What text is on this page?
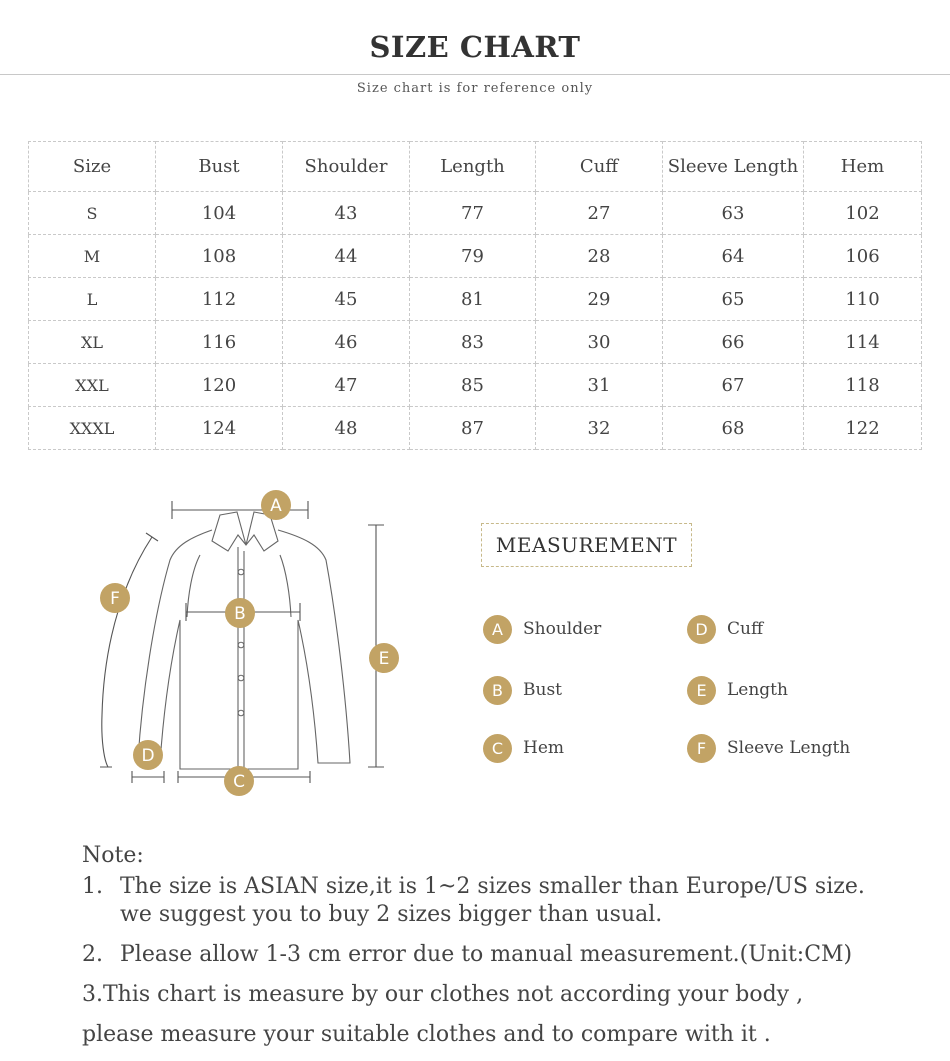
SIZE CHART
Size chart is for reference only
Size	Bust	Shoulder	Length	Cuff	Sleeve Length	Hem
S	104	43	77	27	63	102
M	108	44	79	28	64	106
L	112	45	81	29	65	110
XL	116	46	83	30	66	114
XXL	120	47	85	31	67	118
XXXL	124	48	87	32	68	122
A
B
C
D
E
F
MEASUREMENT
A	Shoulder	D	Cuff
B	Bust	E	Length
C	Hem	F	Sleeve Length
Note:
1. The size is ASIAN size,it is 1~2 sizes smaller than Europe/US size.
we suggest you to buy 2 sizes bigger than usual.
2. Please allow 1-3 cm error due to manual measurement.(Unit:CM)
3.This chart is measure by our clothes not according your body ,
please measure your suitable clothes and to compare with it .
